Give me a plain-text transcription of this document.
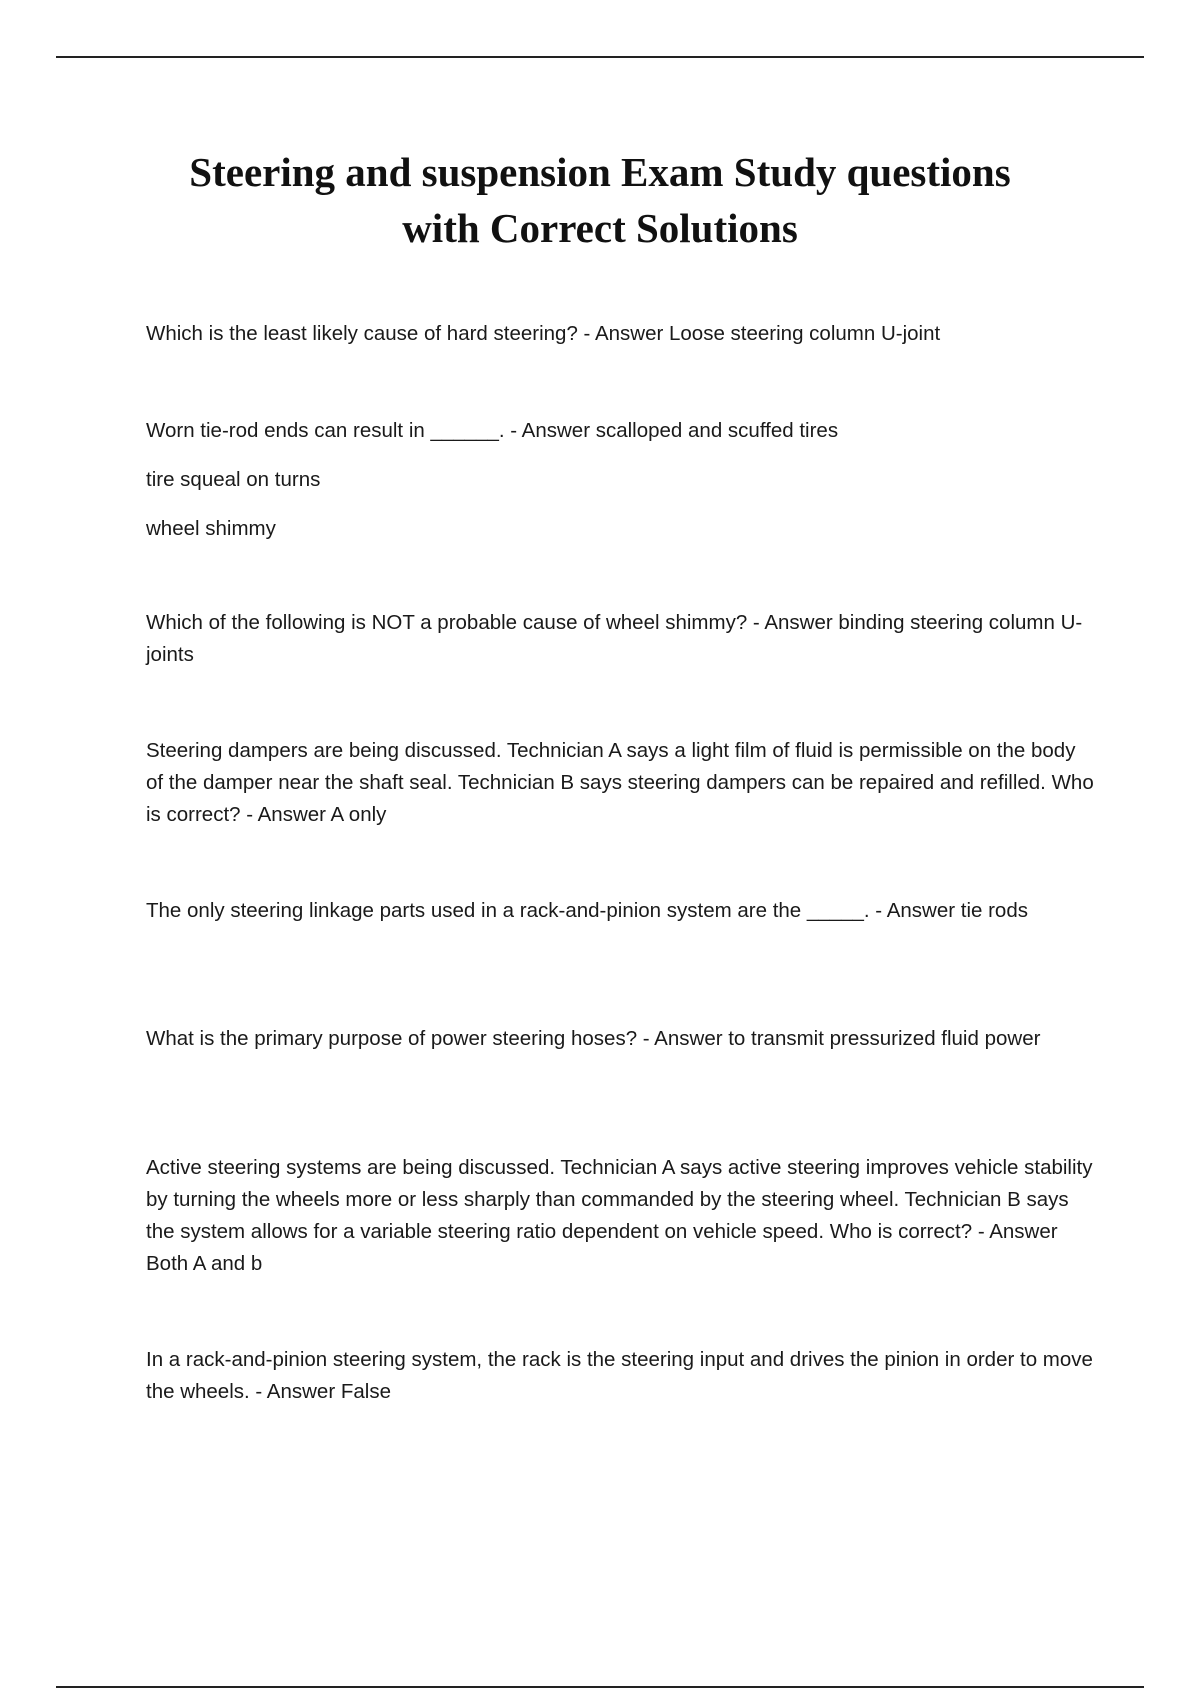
Steering and suspension Exam Study questions
with Correct Solutions

Which is the least likely cause of hard steering? - Answer Loose steering column U-joint

Worn tie-rod ends can result in ______. - Answer scalloped and scuffed tires

tire squeal on turns

wheel shimmy

Which of the following is NOT a probable cause of wheel shimmy? - Answer binding steering column U-joints

Steering dampers are being discussed. Technician A says a light film of fluid is permissible on the body of the damper near the shaft seal. Technician B says steering dampers can be repaired and refilled. Who is correct? - Answer A only

The only steering linkage parts used in a rack-and-pinion system are the _____. - Answer tie rods

What is the primary purpose of power steering hoses? - Answer to transmit pressurized fluid power

Active steering systems are being discussed. Technician A says active steering improves vehicle stability by turning the wheels more or less sharply than commanded by the steering wheel. Technician B says the system allows for a variable steering ratio dependent on vehicle speed. Who is correct? - Answer Both A and b

In a rack-and-pinion steering system, the rack is the steering input and drives the pinion in order to move the wheels. - Answer False
